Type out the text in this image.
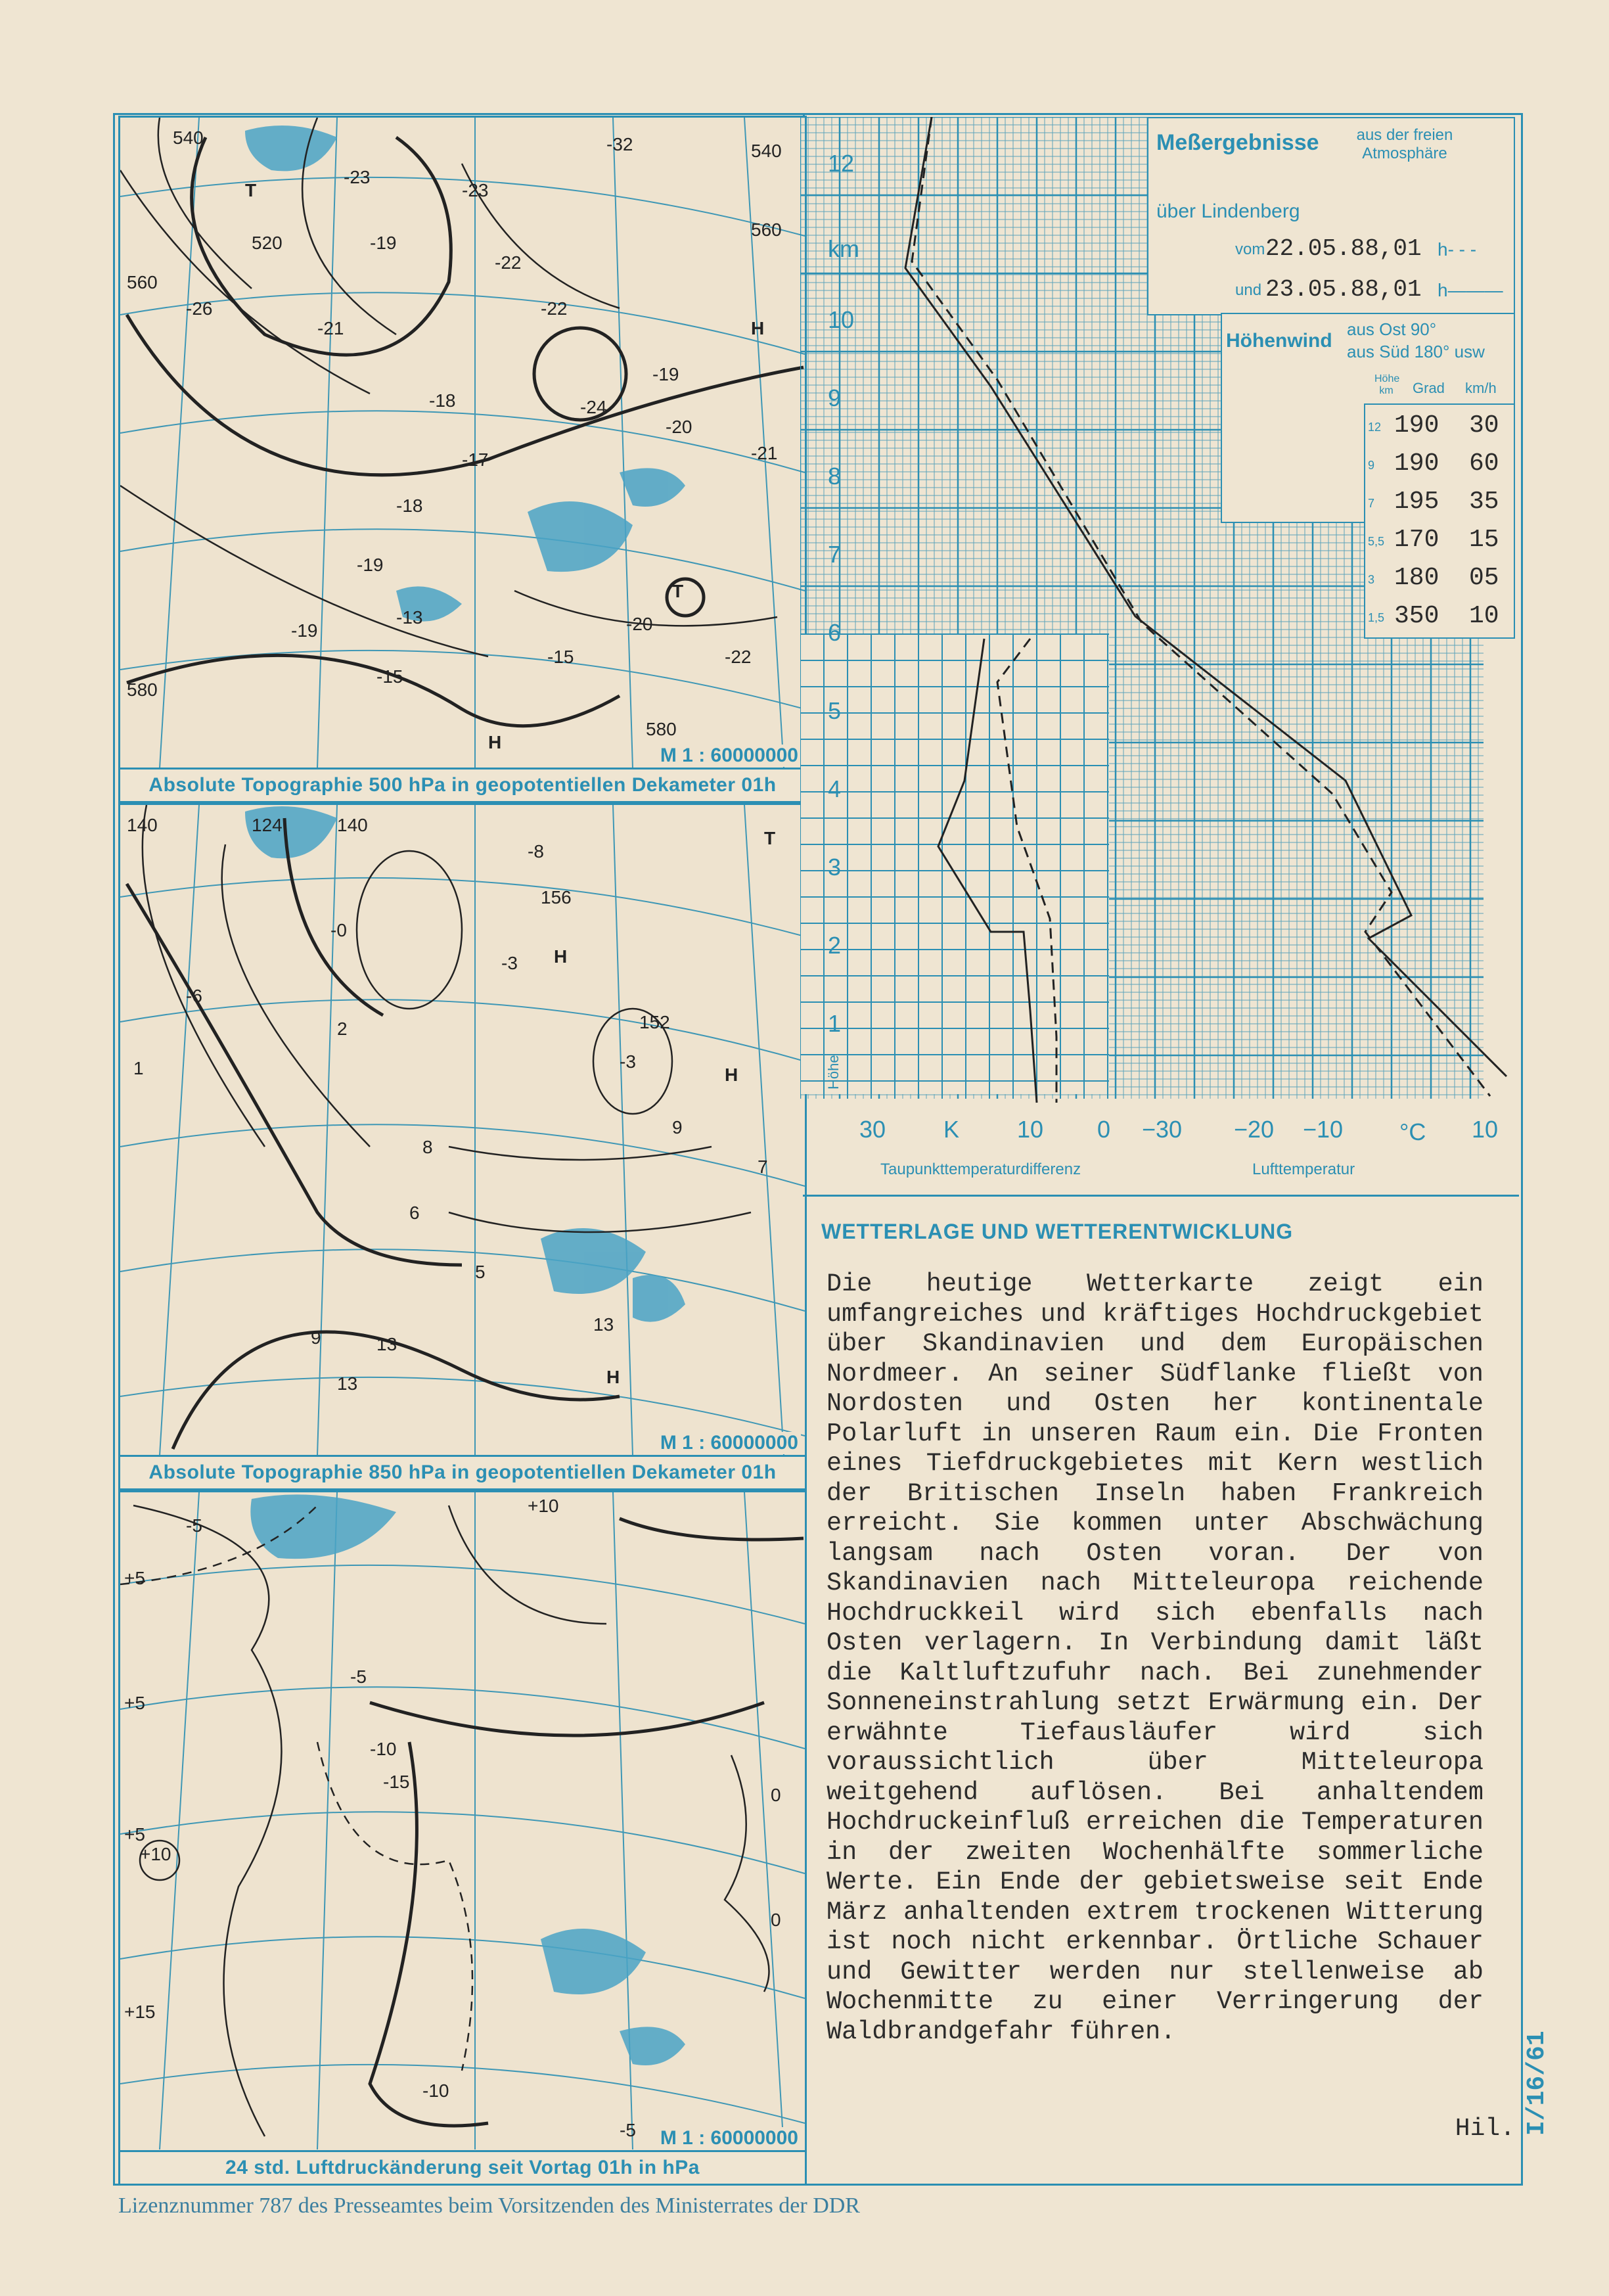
540
540
520
560
560
580
580
-32
-23
-23
-22
-19
-26
-21
-20
-19
-18
-17
-18
-19
-19	-20
-24
-22
-21
-22
-15
-15
-13
T
T
H
H
M 1 : 60000000
Absolute Topographie 500 hPa in geopotentiellen Dekameter 01h
140	124	140
156
152
-8
-3
-3
-0
1
2
-6
6
5
7
8
9
9	13
13
13
T
H
H
H
M 1 : 60000000
Absolute Topographie 850 hPa in geopotentiellen Dekameter 01h
-5
+5
+5
+5
-5
-10
-15
-10
+10
+10
0
0
-5
+15
M 1 : 60000000
24 std. Luftdruckänderung seit Vortag 01h in hPa
Meßergebnisse	aus der freien Atmosphäre
über Lindenberg
vom 22.05.88,01 h- - -
und 23.05.88,01 h———
Höhenwind
aus Ost 90°
aus Süd 180° usw
Höhe km	Grad km/h
12 190 30
9 190 60
7 195 35
5,5 170 15
3 180 05
1,5 350 10
12
km
10
9
8
7
6
5
4
3
2
1
Höhe
30 K 10 0 −30 −20 −10 °C 10
Taupunkttemperaturdifferenz	Lufttemperatur
WETTERLAGE UND WETTERENTWICKLUNG
Die heutige Wetterkarte zeigt ein umfangreiches und kräftiges Hochdruckgebiet über Skandinavien und dem Europäischen Nordmeer. An seiner Südflanke fließt von Nordosten und Osten her kontinentale Polarluft in unseren Raum ein. Die Fronten eines Tiefdruckgebietes mit Kern westlich der Britischen Inseln haben Frankreich erreicht. Sie kommen unter Abschwächung langsam nach Osten voran. Der von Skandinavien nach Mitteleuropa reichende Hochdruckkeil wird sich ebenfalls nach Osten verlagern. In Verbindung damit läßt die Kaltluftzufuhr nach. Bei zunehmender Sonneneinstrahlung setzt Erwärmung ein. Der erwähnte Tiefausläufer wird sich voraussichtlich über Mitteleuropa weitgehend auflösen. Bei anhaltendem Hochdruckeinfluß erreichen die Temperaturen in der zweiten Wochenhälfte sommerliche Werte. Ein Ende der gebietsweise seit Ende März anhaltenden extrem trockenen Witterung ist noch nicht erkennbar. Örtliche Schauer und Gewitter werden nur stellenweise ab Wochenmitte zu einer Verringerung der Waldbrandgefahr führen.
Hil. I/16/61
Lizenznummer 787 des Presseamtes beim Vorsitzenden des Ministerrates der DDR
